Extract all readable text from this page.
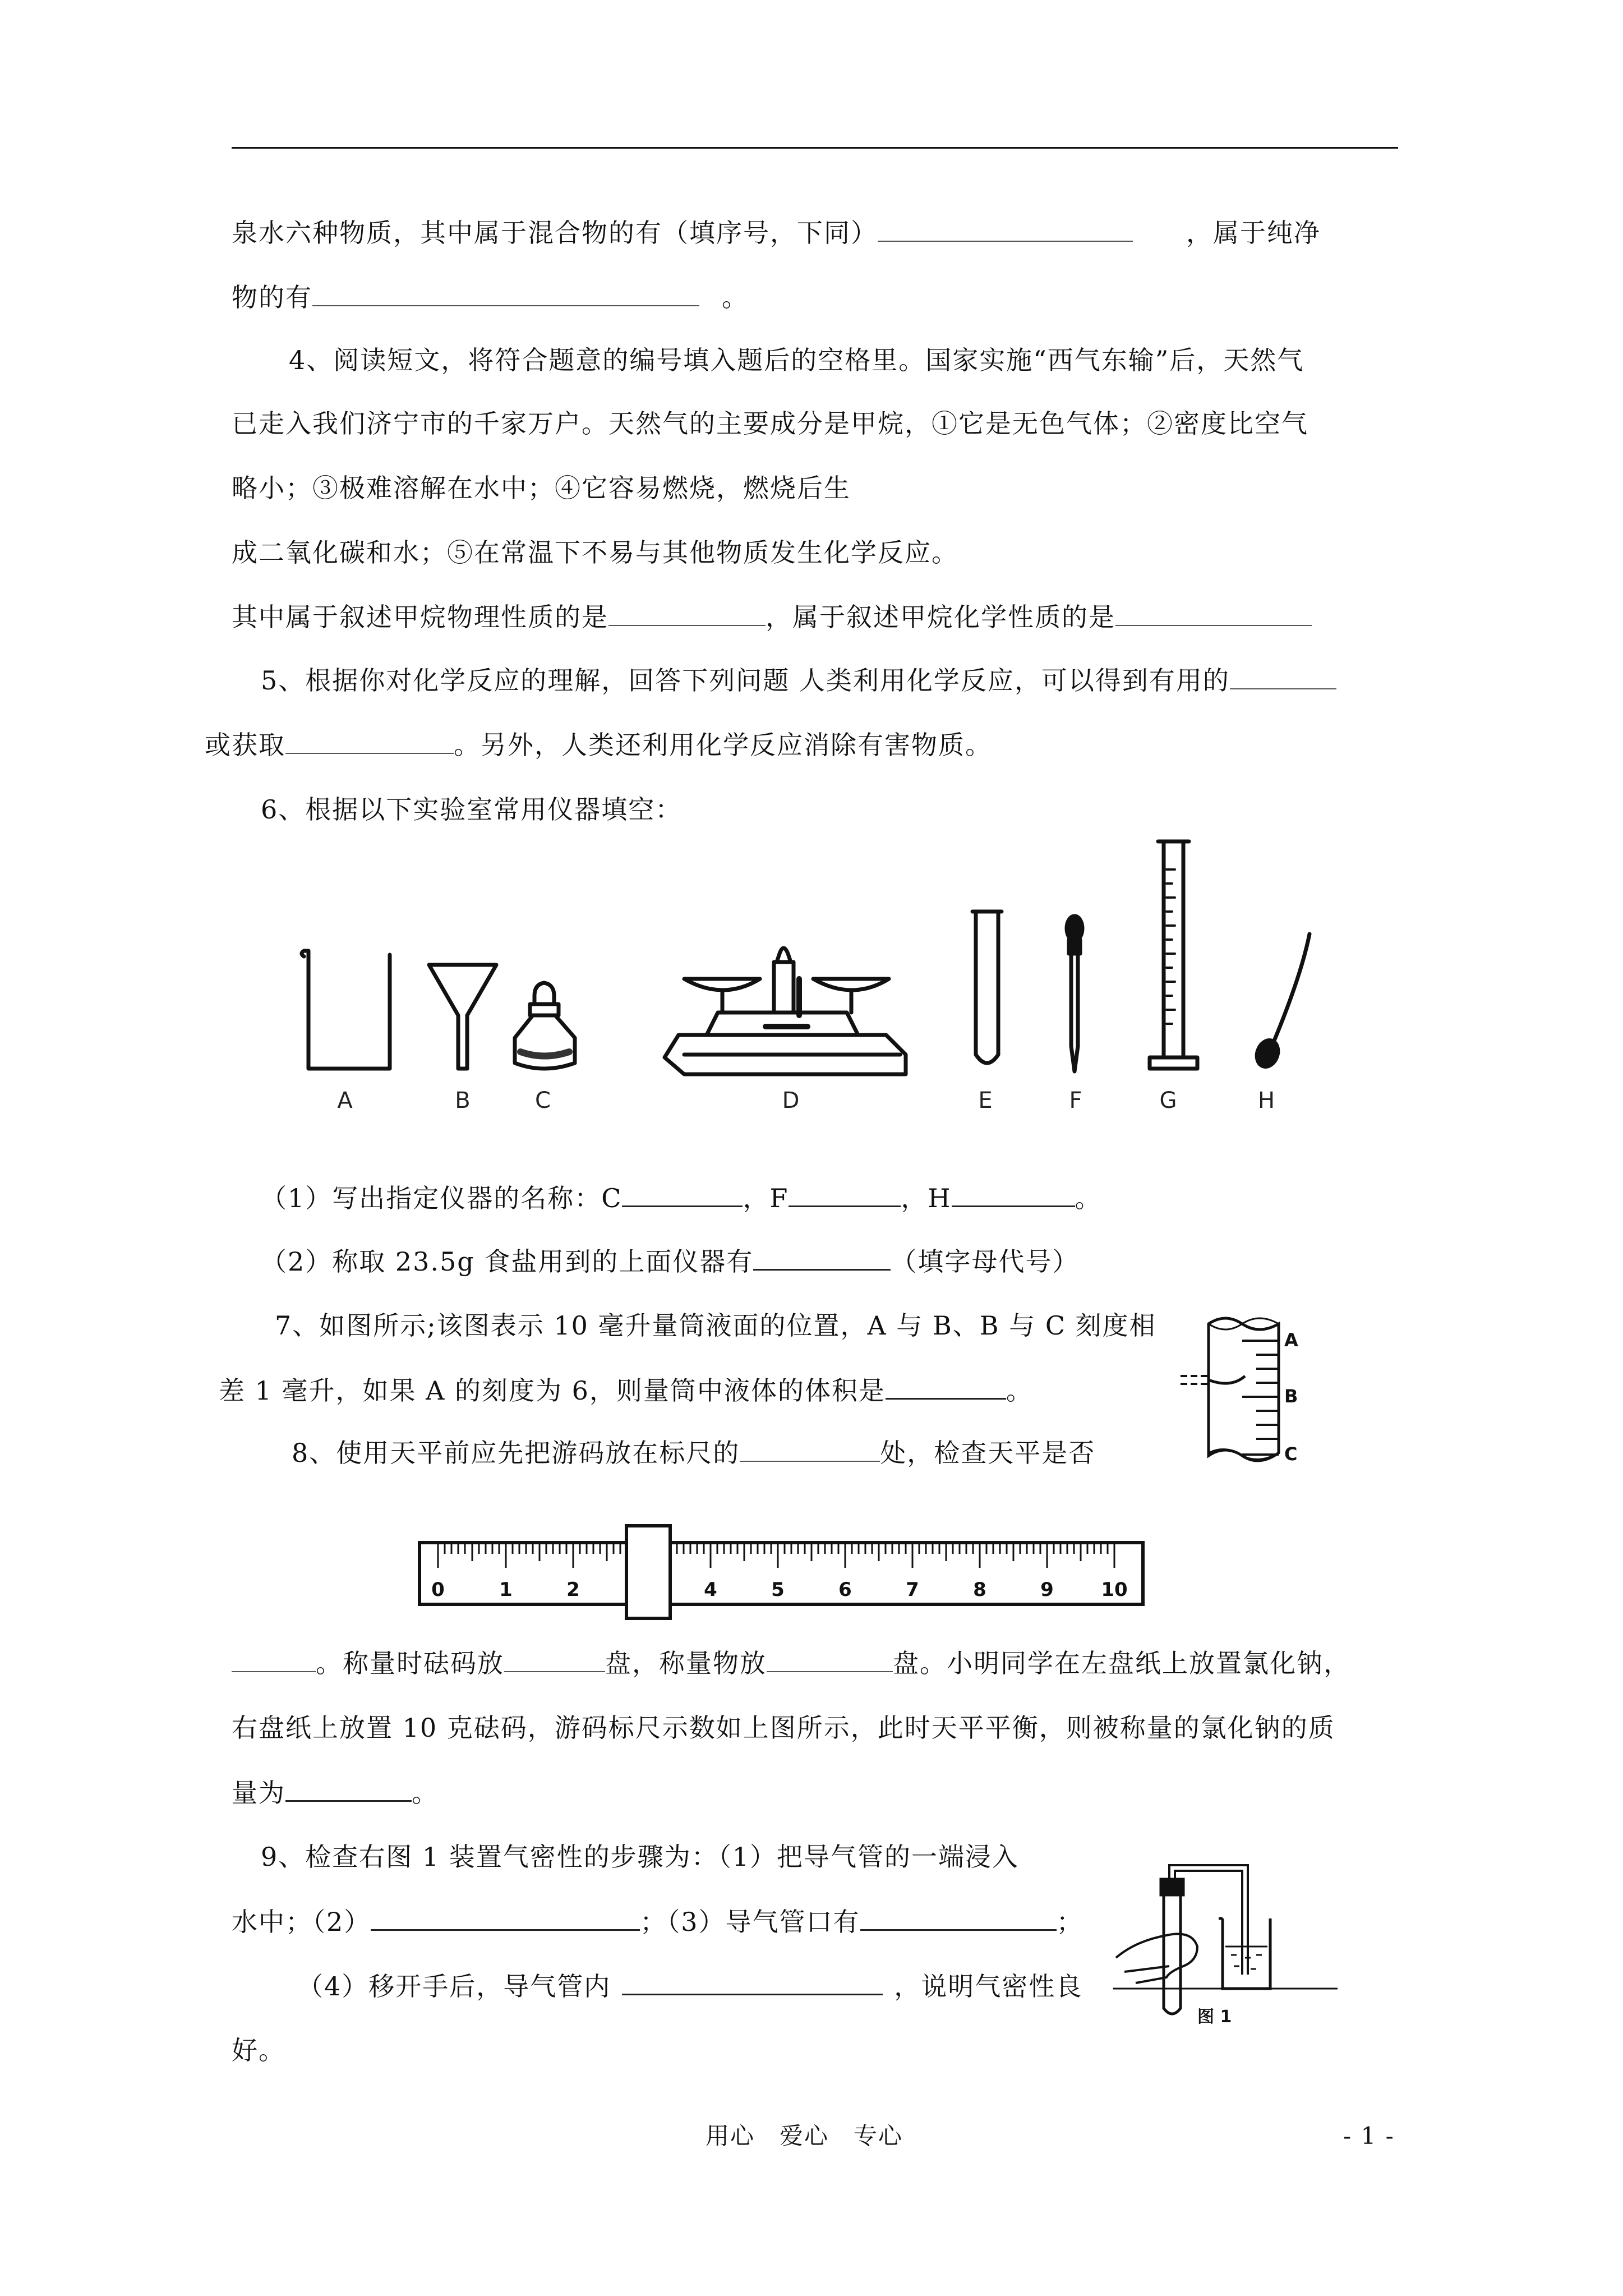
泉水六种物质，其中属于混合物的有（填序号，下同）	，属于纯净
物的有	。
4、阅读短文，将符合题意的编号填入题后的空格里。国家实施“西气东输”后，天然气
已走入我们济宁市的千家万户。天然气的主要成分是甲烷，①它是无色气体；②密度比空气
略小；③极难溶解在水中；④它容易燃烧，燃烧后生
成二氧化碳和水；⑤在常温下不易与其他物质发生化学反应。
其中属于叙述甲烷物理性质的是	，属于叙述甲烷化学性质的是
5、根据你对化学反应的理解，回答下列问题 人类利用化学反应，可以得到有用的
或获取	。另外，人类还利用化学反应消除有害物质。
6、根据以下实验室常用仪器填空：
A	B	C	D	E	F	G	H
（1）写出指定仪器的名称：C	，F	，H	。
（2）称取 23.5g 食盐用到的上面仪器有	（填字母代号）
7、如图所示;该图表示 10 毫升量筒液面的位置，A 与 B、B 与 C 刻度相
差 1 毫升，如果 A 的刻度为 6，则量筒中液体的体积是	。
A
B
C
8、使用天平前应先把游码放在标尺的	处，检查天平是否
0	1	2	4	5	6	7	8	9 10
。称量时砝码放	盘，称量物放	盘。小明同学在左盘纸上放置氯化钠，
右盘纸上放置 10 克砝码，游码标尺示数如上图所示，此时天平平衡，则被称量的氯化钠的质
量为	。
9、检查右图 1 装置气密性的步骤为：（1）把导气管的一端浸入
水中；（2）	；（3）导气管口有	；
（4）移开手后，导气管内	，说明气密性良
好。
图 1
用心　爱心　专心	- 1 -
